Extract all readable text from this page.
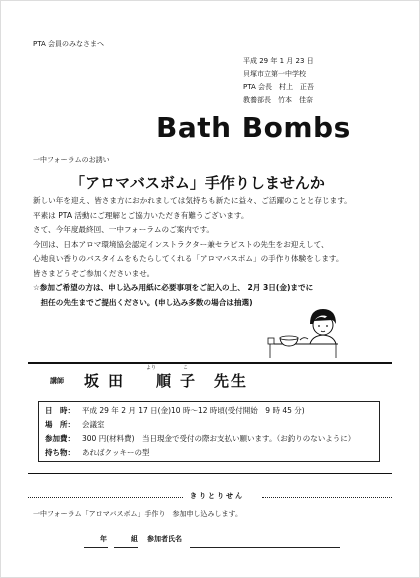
PTA 会員のみなさまへ
平成 29 年 1 月 23 日
貝塚市立第一中学校
PTA 会長　村上　正吾
教養部長　竹本　佳奈
Bath Bombs
一中フォーラムのお誘い
「アロマバスボム」手作りしませんか
新しい年を迎え、皆さま方におかれましては気持ちも新たに益々、ご活躍のことと存じます。
平素は PTA 活動にご理解とご協力いただき有難うございます。
さて、今年度最終回、一中フォーラムのご案内です。
今回は、日本アロマ環境協会認定インストラクター兼セラピストの先生をお迎えして、
心地良い香りのバスタイムをもたらしてくれる「アロマバスボム」の手作り体験をします。
皆さまどうぞご参加くださいませ。
☆参加ご希望の方は、申し込み用紙に必要事項をご記入の上、 2月 3日(金)までに
　担任の先生までご提出ください。(申し込み多数の場合は抽選)
講師 坂田　順子 先生
より	こ
日　時： 平成 29 年 2 月 17 日(金)10 時～12 時頃(受付開始　9 時 45 分)
場　所： 会議室
参加費： 300 円(材料費)　当日現金で受付の際お支払い願います。（お釣りのないように）
持ち物： あればクッキーの型
きりとりせん
一中フォーラム「アロマバスボム」手作り　参加申し込みします。
年	組 参加者氏名
